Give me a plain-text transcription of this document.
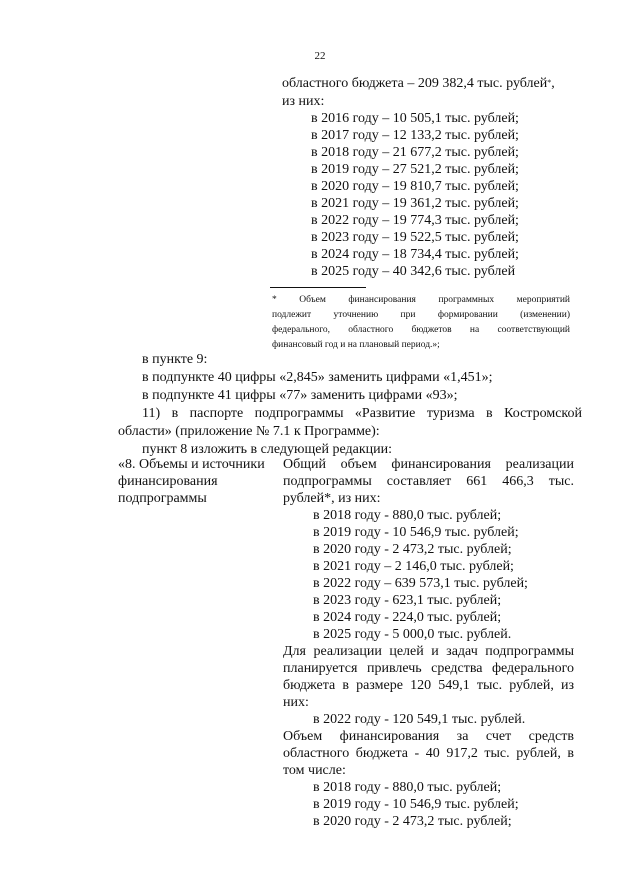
22
областного бюджета – 209 382,4 тыс. рублей*,
из них:
в 2016 году – 10 505,1 тыс. рублей;
в 2017 году – 12 133,2 тыс. рублей;
в 2018 году – 21 677,2 тыс. рублей;
в 2019 году – 27 521,2 тыс. рублей;
в 2020 году – 19 810,7 тыс. рублей;
в 2021 году – 19 361,2 тыс. рублей;
в 2022 году – 19 774,3 тыс. рублей;
в 2023 году – 19 522,5 тыс. рублей;
в 2024 году – 18 734,4 тыс. рублей;
в 2025 году – 40 342,6 тыс. рублей
* Объем финансирования программных мероприятий
подлежит уточнению при формировании (изменении)
федерального, областного бюджетов на соответствующий
финансовый год и на плановый период.»;
в пункте 9:
в подпункте 40 цифры «2,845» заменить цифрами «1,451»;
в подпункте 41 цифры «77» заменить цифрами «93»;
11) в паспорте подпрограммы «Развитие туризма в Костромской
области» (приложение № 7.1 к Программе):
пункт 8 изложить в следующей редакции:
«8. Объемы и источники
финансирования
подпрограммы
Общий объем финансирования реализации
подпрограммы составляет 661 466,3 тыс.
рублей*, из них:
в 2018 году - 880,0 тыс. рублей;
в 2019 году - 10 546,9 тыс. рублей;
в 2020 году - 2 473,2 тыс. рублей;
в 2021 году – 2 146,0 тыс. рублей;
в 2022 году – 639 573,1 тыс. рублей;
в 2023 году - 623,1 тыс. рублей;
в 2024 году - 224,0 тыс. рублей;
в 2025 году - 5 000,0 тыс. рублей.
Для реализации целей и задач подпрограммы
планируется привлечь средства федерального
бюджета в размере 120 549,1 тыс. рублей, из
них:
в 2022 году - 120 549,1 тыс. рублей.
Объем финансирования за счет средств
областного бюджета - 40 917,2 тыс. рублей, в
том числе:
в 2018 году - 880,0 тыс. рублей;
в 2019 году - 10 546,9 тыс. рублей;
в 2020 году - 2 473,2 тыс. рублей;
